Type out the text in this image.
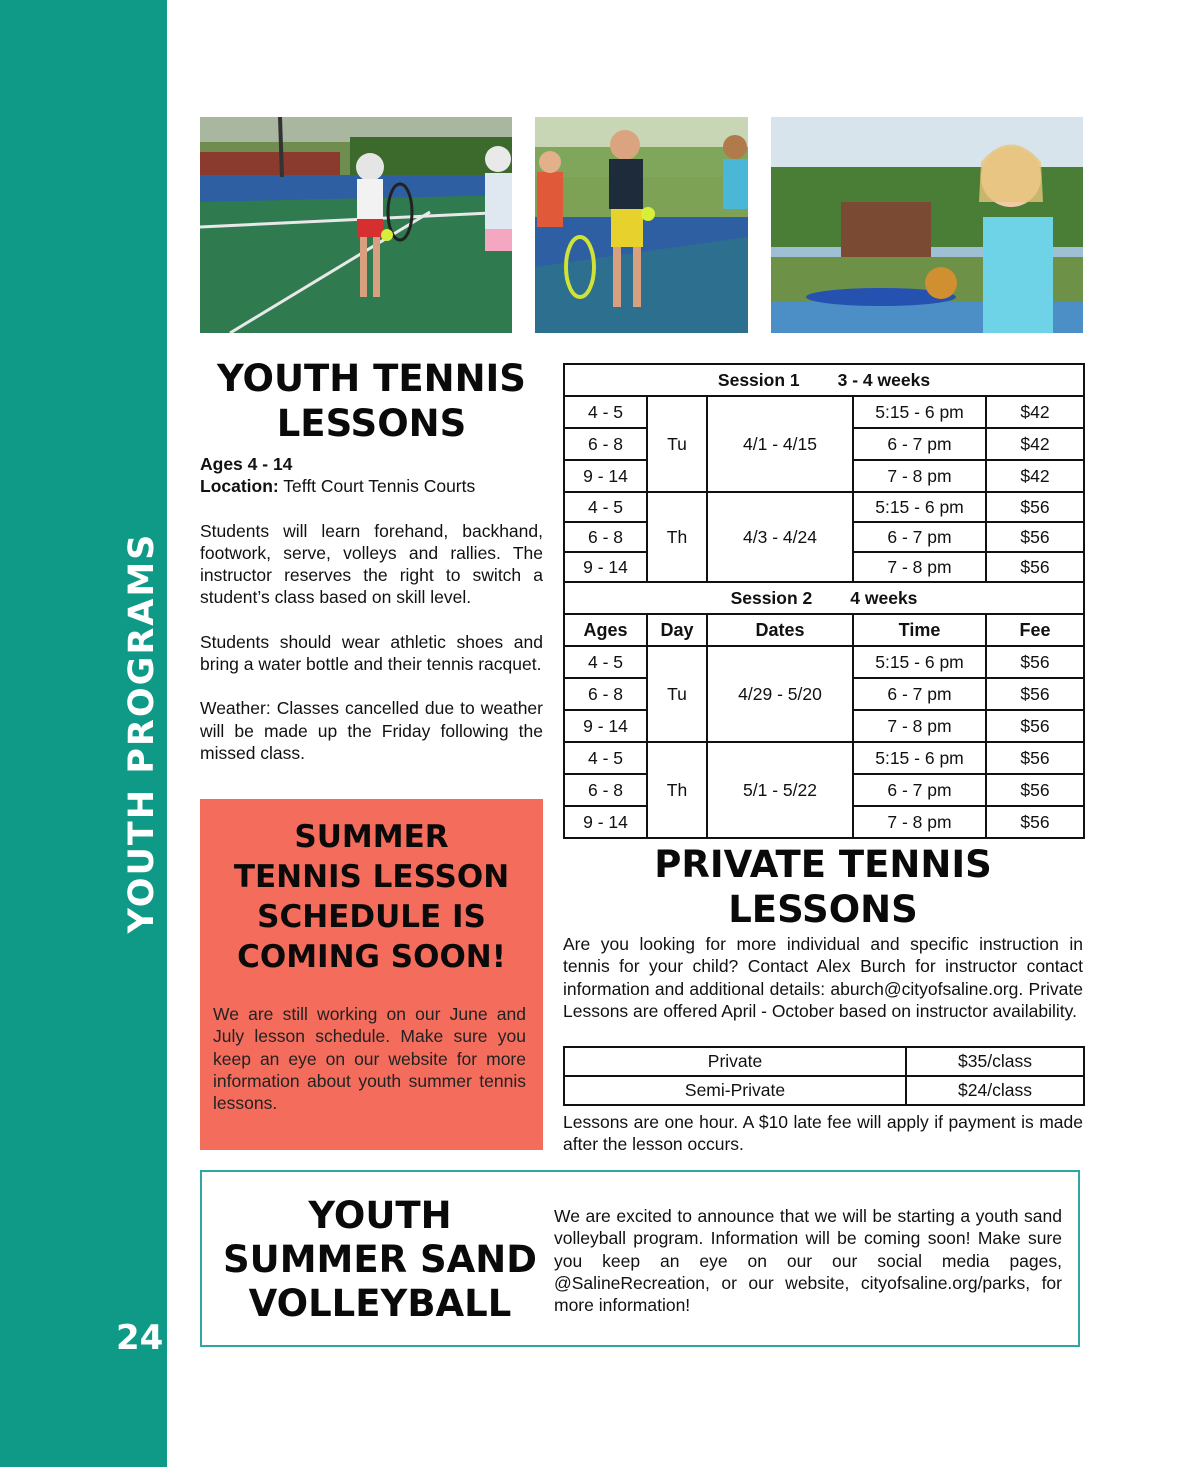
YOUTH PROGRAMS
24
YOUTH TENNIS
LESSONS
Ages 4 - 14
Location: Tefft Court Tennis Courts

Students will learn forehand, backhand, footwork, serve, volleys and rallies. The instructor reserves the right to switch a student’s class based on skill level.

Students should wear athletic shoes and bring a water bottle and their tennis racquet.

Weather: Classes cancelled due to weather will be made up the Friday following the missed class.

SUMMER
TENNIS LESSON
SCHEDULE IS
COMING SOON!
We are still working on our June and July lesson schedule. Make sure you keep an eye on our website for more information about youth summer tennis lessons.
Session 1 3 - 4 weeks				
4 - 5	Tu	4/1 - 4/15	5:15 - 6 pm	$42
6 - 8			6 - 7 pm	$42
9 - 14			7 - 8 pm	$42
4 - 5	Th	4/3 - 4/24	5:15 - 6 pm	$56
6 - 8			6 - 7 pm	$56
9 - 14			7 - 8 pm	$56
Session 2 4 weeks				
Ages	Day	Dates	Time	Fee
4 - 5	Tu	4/29 - 5/20	5:15 - 6 pm	$56
6 - 8			6 - 7 pm	$56
9 - 14			7 - 8 pm	$56
4 - 5	Th	5/1 - 5/22	5:15 - 6 pm	$56
6 - 8			6 - 7 pm	$56
9 - 14			7 - 8 pm	$56
PRIVATE TENNIS
LESSONS
Are you looking for more individual and specific instruction in tennis for your child? Contact Alex Burch for instructor contact information and additional details: aburch@cityofsaline.org. Private Lessons are offered April - October based on instructor availability.
Private	$35/class
Semi-Private	$24/class
Lessons are one hour. A $10 late fee will apply if payment is made after the lesson occurs.
YOUTH
SUMMER SAND
VOLLEYBALL
We are excited to announce that we will be starting a youth sand volleyball program. Information will be coming soon! Make sure you keep an eye on our our social media pages, @SalineRecreation, or our website, cityofsaline.org/parks, for more information!
